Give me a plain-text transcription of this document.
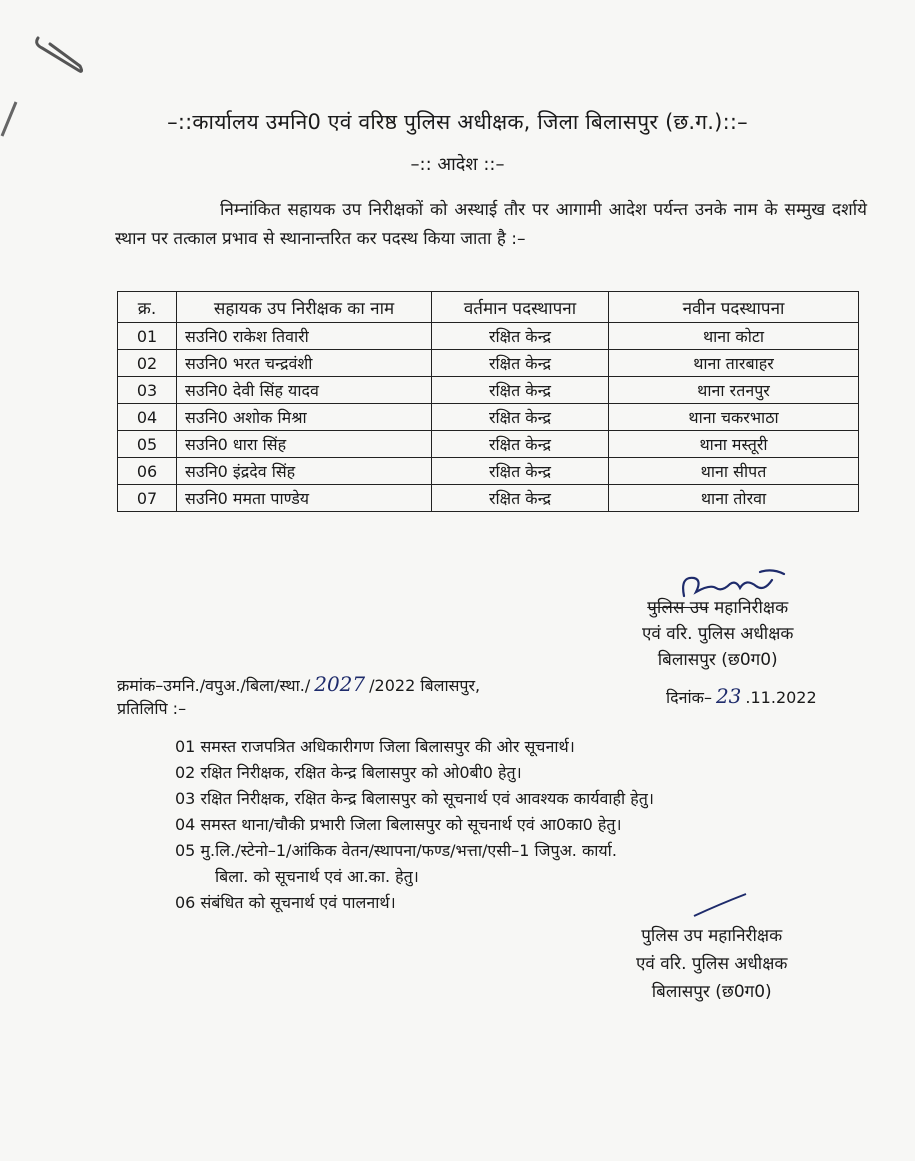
–::कार्यालय उमनि0 एवं वरिष्ठ पुलिस अधीक्षक, जिला बिलासपुर (छ.ग.)::–
–:: आदेश ::–
निम्नांकित सहायक उप निरीक्षकों को अस्थाई तौर पर आगामी आदेश पर्यन्त उनके नाम के सम्मुख दर्शाये स्थान पर तत्काल प्रभाव से स्थानान्तरित कर पदस्थ किया जाता है :–
क्र.	सहायक उप निरीक्षक का नाम	वर्तमान पदस्थापना	नवीन पदस्थापना
01	सउनि0 राकेश तिवारी	रक्षित केन्द्र	थाना कोटा
02	सउनि0 भरत चन्द्रवंशी	रक्षित केन्द्र	थाना तारबाहर
03	सउनि0 देवी सिंह यादव	रक्षित केन्द्र	थाना रतनपुर
04	सउनि0 अशोक मिश्रा	रक्षित केन्द्र	थाना चकरभाठा
05	सउनि0 धारा सिंह	रक्षित केन्द्र	थाना मस्तूरी
06	सउनि0 इंद्रदेव सिंह	रक्षित केन्द्र	थाना सीपत
07	सउनि0 ममता पाण्डेय	रक्षित केन्द्र	थाना तोरवा
पुलिस उप महानिरीक्षक
एवं वरि. पुलिस अधीक्षक
बिलासपुर (छ0ग0)
क्रमांक–उमनि./वपुअ./बिला/स्था./ 2027 /2022 बिलासपुर,
दिनांक– 23 .11.2022
प्रतिलिपि :–
01 समस्त राजपत्रित अधिकारीगण जिला बिलासपुर की ओर सूचनार्थ।
02 रक्षित निरीक्षक, रक्षित केन्द्र बिलासपुर को ओ0बी0 हेतु।
03 रक्षित निरीक्षक, रक्षित केन्द्र बिलासपुर को सूचनार्थ एवं आवश्यक कार्यवाही हेतु।
04 समस्त थाना/चौकी प्रभारी जिला बिलासपुर को सूचनार्थ एवं आ0का0 हेतु।
05 मु.लि./स्टेनो–1/आंकिक वेतन/स्थापना/फण्ड/भत्ता/एसी–1 जिपुअ. कार्या.
बिला. को सूचनार्थ एवं आ.का. हेतु।
06 संबंधित को सूचनार्थ एवं पालनार्थ।
पुलिस उप महानिरीक्षक
एवं वरि. पुलिस अधीक्षक
बिलासपुर (छ0ग0)
